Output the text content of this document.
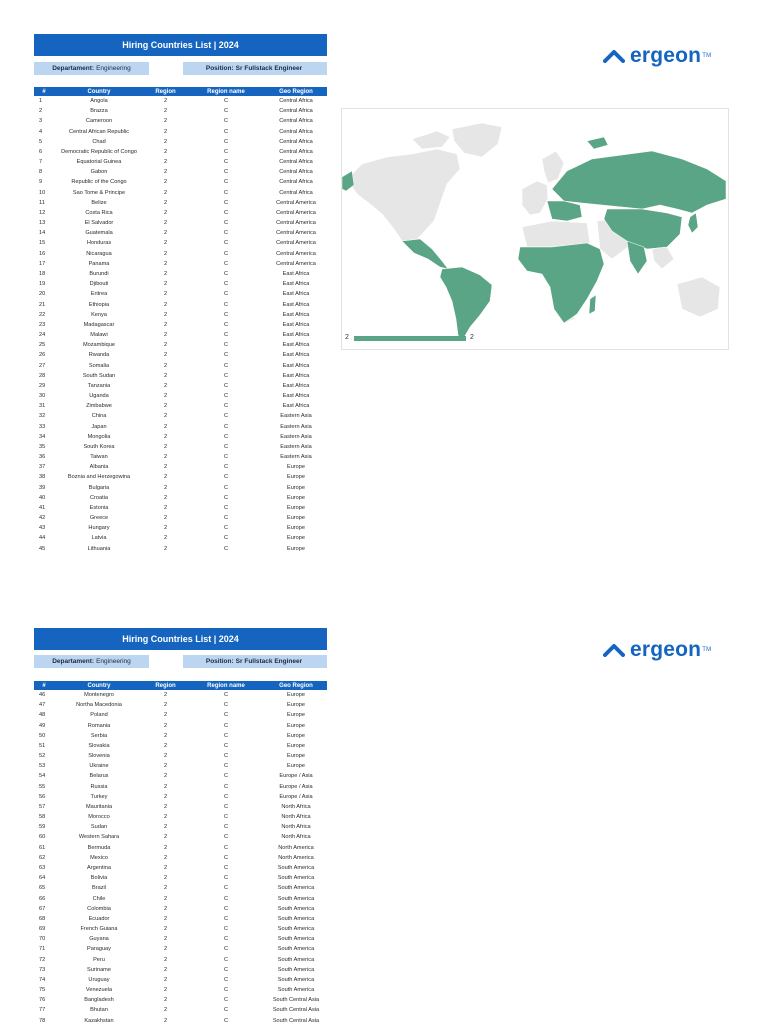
Hiring Countries List | 2024
Departament: Engineering	Position: Sr Fullstack Engineer
ergeon TM
#	Country	Region	Region name	Geo Region
1	Angola	2	C	Central Africa
2	Brazza	2	C	Central Africa
3	Cameroon	2	C	Central Africa
4	Central African Republic	2	C	Central Africa
5	Chad	2	C	Central Africa
6	Democratic Republic of Congo	2	C	Central Africa
7	Equatorial Guinea	2	C	Central Africa
8	Gabon	2	C	Central Africa
9	Republic of the Congo	2	C	Central Africa
10	Sao Tome & Principe	2	C	Central Africa
11	Belize	2	C	Central America
12	Costa Rica	2	C	Central America
13	El Salvador	2	C	Central America
14	Guatemala	2	C	Central America
15	Honduras	2	C	Central America
16	Nicaragua	2	C	Central America
17	Panama	2	C	Central America
18	Burundi	2	C	East Africa
19	Djibouti	2	C	East Africa
20	Eritrea	2	C	East Africa
21	Ethiopia	2	C	East Africa
22	Kenya	2	C	East Africa
23	Madagascar	2	C	East Africa
24	Malawi	2	C	East Africa
25	Mozambique	2	C	East Africa
26	Rwanda	2	C	East Africa
27	Somalia	2	C	East Africa
28	South Sudan	2	C	East Africa
29	Tanzania	2	C	East Africa
30	Uganda	2	C	East Africa
31	Zimbabwe	2	C	East Africa
32	China	2	C	Eastern Asia
33	Japan	2	C	Eastern Asia
34	Mongolia	2	C	Eastern Asia
35	South Korea	2	C	Eastern Asia
36	Taiwan	2	C	Eastern Asia
37	Albania	2	C	Europe
38	Boznia and Herzegowina	2	C	Europe
39	Bulgaria	2	C	Europe
40	Croatia	2	C	Europe
41	Estonia	2	C	Europe
42	Greece	2	C	Europe
43	Hungary	2	C	Europe
44	Latvia	2	C	Europe
45	Lithuania	2	C	Europe
2	2
Hiring Countries List | 2024
Departament: Engineering	Position: Sr Fullstack Engineer
ergeon TM
#	Country	Region	Region name	Geo Region
46	Montenegro	2	C	Europe
47	Northa Macedonia	2	C	Europe
48	Poland	2	C	Europe
49	Romania	2	C	Europe
50	Serbia	2	C	Europe
51	Slovakia	2	C	Europe
52	Slovenia	2	C	Europe
53	Ukraine	2	C	Europe
54	Belarus	2	C	Europe / Asia
55	Russia	2	C	Europe / Asia
56	Turkey	2	C	Europe / Asia
57	Mauritania	2	C	North Africa
58	Morocco	2	C	North Africa
59	Sudan	2	C	North Africa
60	Western Sahara	2	C	North Africa
61	Bermuda	2	C	North America
62	Mexico	2	C	North America
63	Argentina	2	C	South America
64	Bolivia	2	C	South America
65	Brazil	2	C	South America
66	Chile	2	C	South America
67	Colombia	2	C	South America
68	Ecuador	2	C	South America
69	French Guiana	2	C	South America
70	Guyana	2	C	South America
71	Paraguay	2	C	South America
72	Peru	2	C	South America
73	Suriname	2	C	South America
74	Uruguay	2	C	South America
75	Venezuela	2	C	South America
76	Bangladesh	2	C	South Central Asia
77	Bhutan	2	C	South Central Asia
78	Kazakhstan	2	C	South Central Asia
